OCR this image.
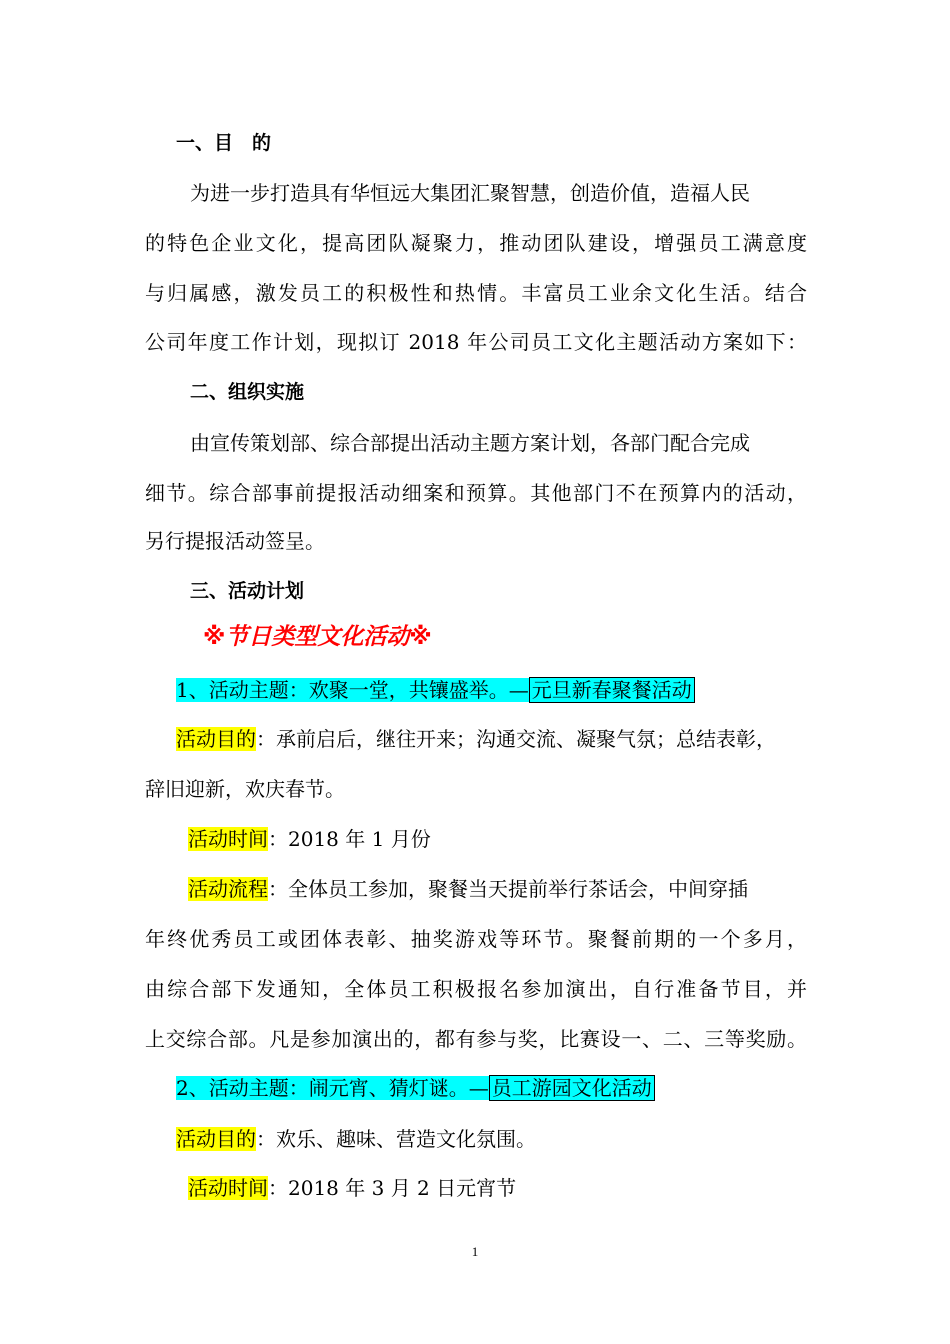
一、目　的
为进一步打造具有华恒远大集团汇聚智慧，创造价值，造福人民
的特色企业文化，提高团队凝聚力，推动团队建设，增强员工满意度
与归属感，激发员工的积极性和热情。丰富员工业余文化生活。结合
公司年度工作计划，现拟订 2018 年公司员工文化主题活动方案如下：
二、组织实施
由宣传策划部、综合部提出活动主题方案计划，各部门配合完成
细节。综合部事前提报活动细案和预算。其他部门不在预算内的活动，
另行提报活动签呈。
三、活动计划
※节日类型文化活动※
1、活动主题：欢聚一堂，共镶盛举。— 元旦新春聚餐活动
活动目的：承前启后，继往开来；沟通交流、凝聚气氛；总结表彰，
辞旧迎新，欢庆春节。
活动时间：2018 年 1 月份
活动流程：全体员工参加，聚餐当天提前举行茶话会，中间穿插
年终优秀员工或团体表彰、抽奖游戏等环节。聚餐前期的一个多月，
由综合部下发通知，全体员工积极报名参加演出，自行准备节目，并
上交综合部。凡是参加演出的，都有参与奖，比赛设一、二、三等奖励。
2、活动主题：闹元宵、猜灯谜。— 员工游园文化活动
活动目的：欢乐、趣味、营造文化氛围。
活动时间：2018 年 3 月 2 日元宵节
1
